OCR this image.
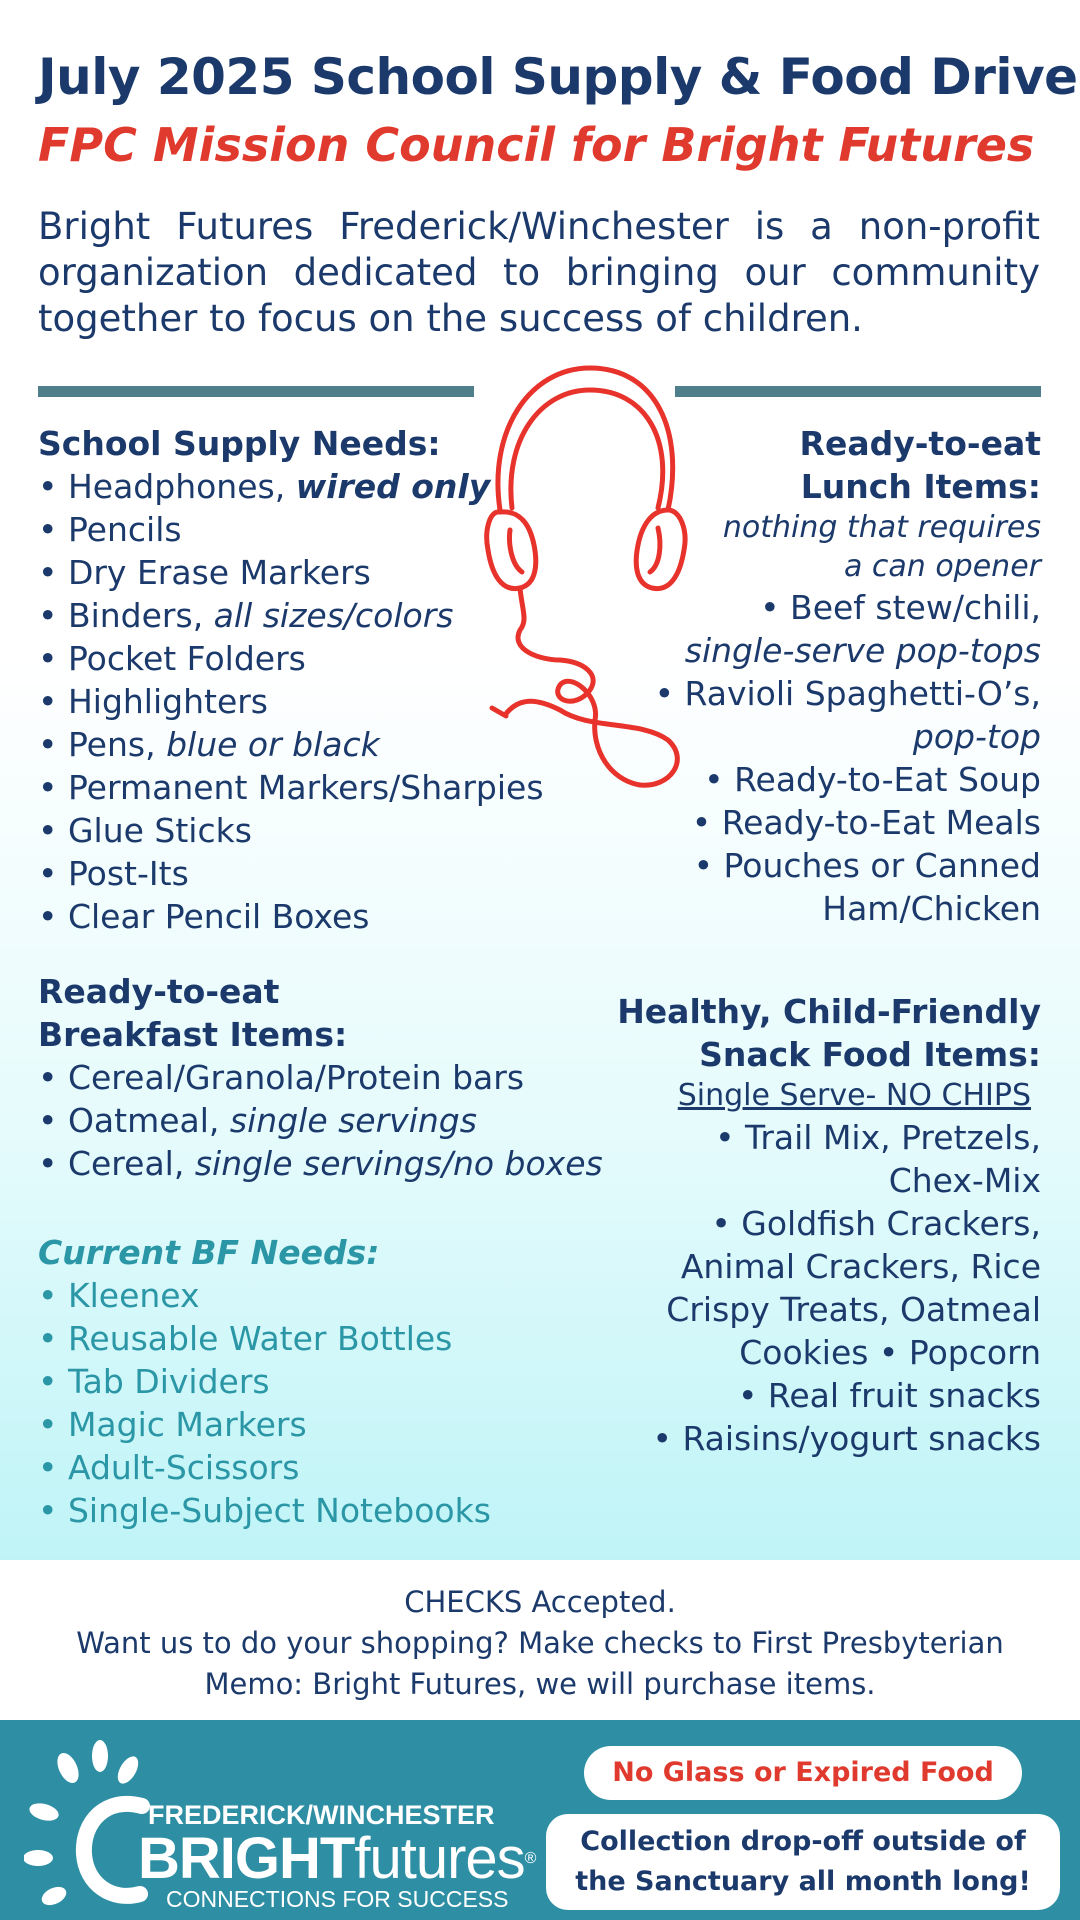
July 2025 School Supply & Food Drive
FPC Mission Council for Bright Futures

Bright Futures Frederick/Winchester is a non-profit organization dedicated to bringing our community together to focus on the success of children.

School Supply Needs:

• Headphones, wired only

• Pencils

• Dry Erase Markers

• Binders, all sizes/colors

• Pocket Folders

• Highlighters

• Pens, blue or black

• Permanent Markers/Sharpies

• Glue Sticks

• Post-Its

• Clear Pencil Boxes

Ready-to-eat

Lunch Items:

nothing that requires

a can opener

• Beef stew/chili,

single-serve pop-tops

• Ravioli Spaghetti-O’s,

pop-top

• Ready-to-Eat Soup

• Ready-to-Eat Meals

• Pouches or Canned

Ham/Chicken

Ready-to-eat

Breakfast Items:

• Cereal/Granola/Protein bars

• Oatmeal, single servings

• Cereal, single servings/no boxes

Current BF Needs:

• Kleenex

• Reusable Water Bottles

• Tab Dividers

• Magic Markers

• Adult-Scissors

• Single-Subject Notebooks

Healthy, Child-Friendly

Snack Food Items:

Single Serve- NO CHIPS

• Trail Mix, Pretzels,

Chex-Mix

• Goldfish Crackers,

Animal Crackers, Rice

Crispy Treats, Oatmeal

Cookies • Popcorn

• Real fruit snacks

• Raisins/yogurt snacks

CHECKS Accepted.

Want us to do your shopping? Make checks to First Presbyterian

Memo: Bright Futures, we will purchase items.

FREDERICK/WINCHESTER
BRIGHTfutures®
CONNECTIONS FOR SUCCESS
No Glass or Expired Food
Collection drop-off outside of
the Sanctuary all month long!
